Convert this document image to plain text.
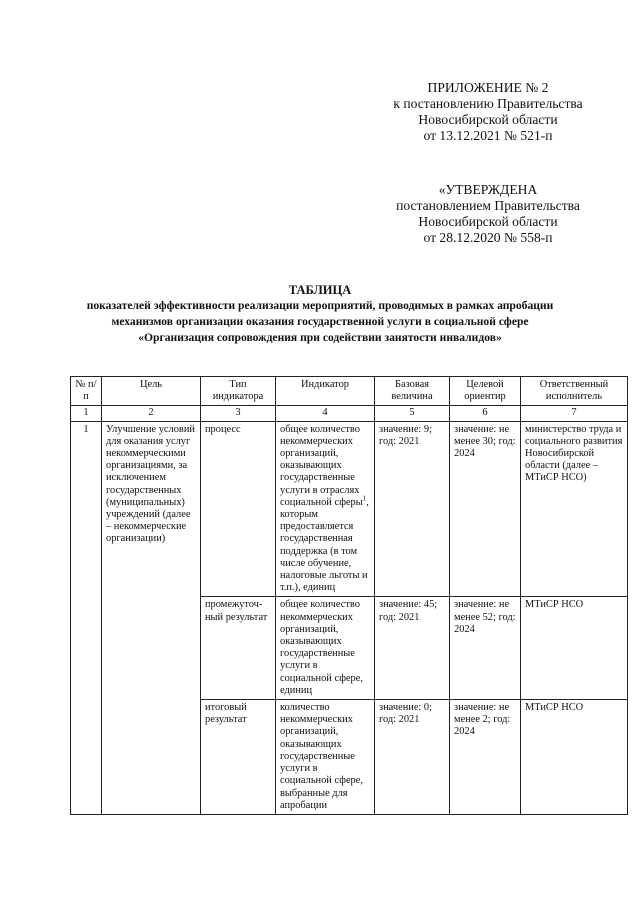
ПРИЛОЖЕНИЕ № 2
к постановлению Правительства
Новосибирской области
от 13.12.2021 № 521-п
«УТВЕРЖДЕНА
постановлением Правительства
Новосибирской области
от 28.12.2020 № 558-п
ТАБЛИЦА
показателей эффективности реализации мероприятий, проводимых в рамках апробации
механизмов организации оказания государственной услуги в социальной сфере
«Организация сопровождения при содействии занятости инвалидов»
№ п/п	Цель	Тип индикатора	Индикатор	Базовая величина	Целевой ориентир	Ответственный исполнитель
1	2	3	4	5	6	7
1	Улучшение условий для оказания услуг некоммерческими организациями, за исключением государственных (муниципальных) учреждений (далее – некоммерческие организации)	процесс	общее количество некоммерческих организаций, оказывающих государственные услуги в отраслях социальной сферы$^1$, которым предоставляется государственная поддержка (в том числе обучение, налоговые льготы и т.п.), единиц	значение: 9; год: 2021	значение: не менее 30; год: 2024	министерство труда и социального развития Новосибирской области (далее – МТиСР НСО)
		промежуточ-ный результат	общее количество некоммерческих организаций, оказывающих государственные услуги в социальной сфере, единиц	значение: 45; год: 2021	значение: не менее 52; год: 2024	МТиСР НСО
		итоговый результат	количество некоммерческих организаций, оказывающих государственные услуги в социальной сфере, выбранные для апробации	значение: 0; год: 2021	значение: не менее 2; год: 2024	МТиСР НСО
